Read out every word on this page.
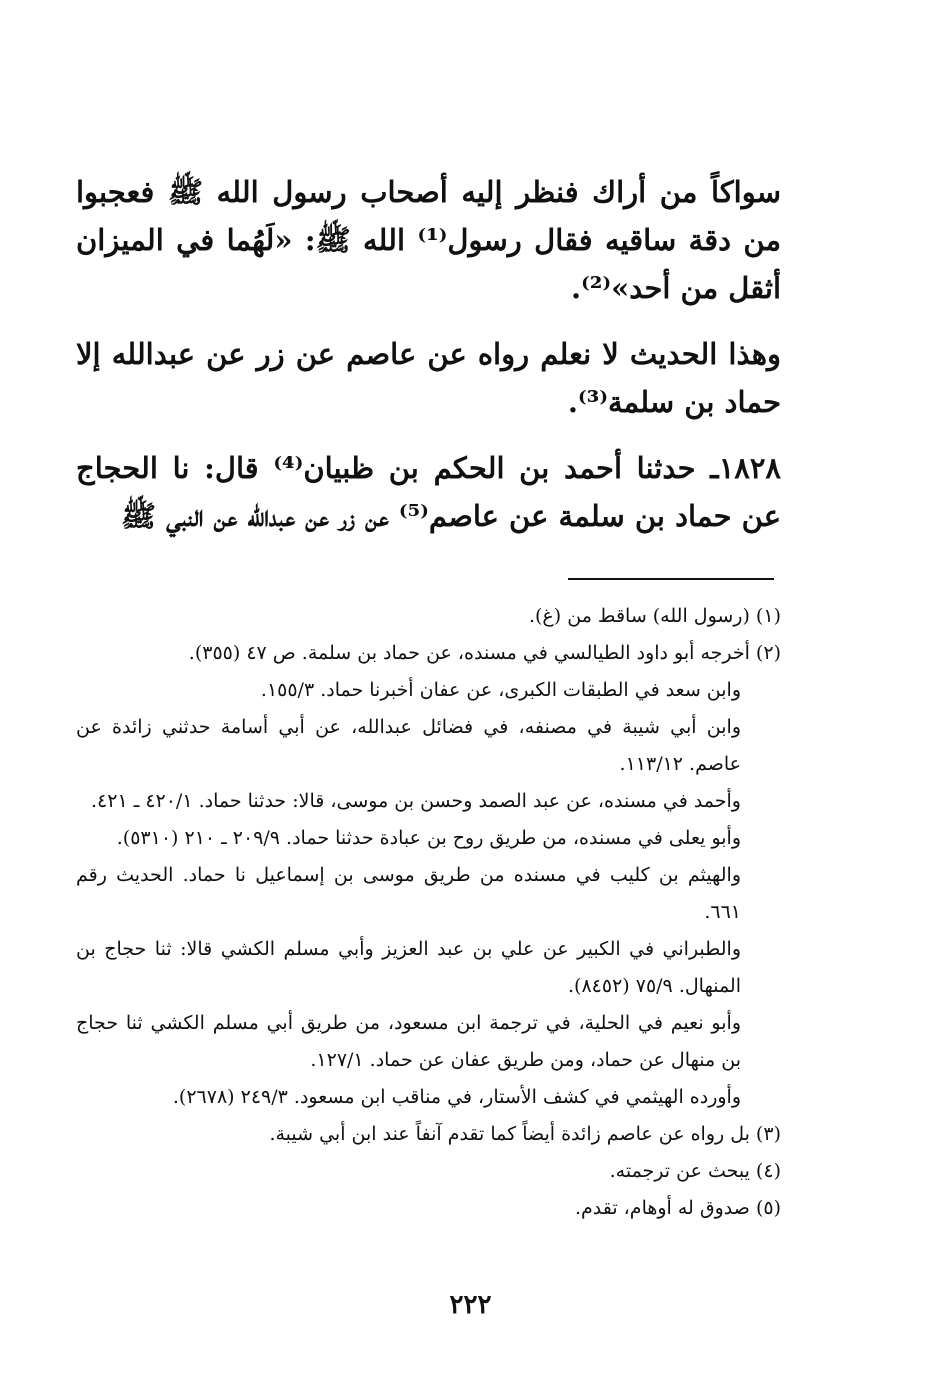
سواكاً من أراك فنظر إليه أصحاب رسول الله ﷺ فعجبوا من دقة ساقيه فقال رسول⁽¹⁾ الله ﷺ: «لَهُما في الميزان أثقل من أحد»⁽²⁾.

وهذا الحديث لا نعلم رواه عن عاصم عن زر عن عبدالله إلا حماد بن سلمة⁽³⁾.

١٨٢٨ـ حدثنا أحمد بن الحكم بن ظبيان⁽⁴⁾ قال: نا الحجاج عن حماد بن سلمة عن عاصم⁽⁵⁾ عن زر عن عبدالله عن النبي ﷺ

(١) (رسول الله) ساقط من (غ).

(٢) أخرجه أبو داود الطيالسي في مسنده، عن حماد بن سلمة. ص ٤٧ (٣٥٥).

وابن سعد في الطبقات الكبرى، عن عفان أخبرنا حماد. ١٥٥/٣.

وابن أبي شيبة في مصنفه، في فضائل عبدالله، عن أبي أسامة حدثني زائدة عن عاصم. ١١٣/١٢.

وأحمد في مسنده، عن عبد الصمد وحسن بن موسى، قالا: حدثنا حماد. ٤٢٠/١ ـ ٤٢١.

وأبو يعلى في مسنده، من طريق روح بن عبادة حدثنا حماد. ٢٠٩/٩ ـ ٢١٠ (٥٣١٠).

والهيثم بن كليب في مسنده من طريق موسى بن إسماعيل نا حماد. الحديث رقم ٦٦١.

والطبراني في الكبير عن علي بن عبد العزيز وأبي مسلم الكشي قالا: ثنا حجاج بن المنهال. ٧٥/٩ (٨٤٥٢).

وأبو نعيم في الحلية، في ترجمة ابن مسعود، من طريق أبي مسلم الكشي ثنا حجاج بن منهال عن حماد، ومن طريق عفان عن حماد. ١٢٧/١.

وأورده الهيثمي في كشف الأستار، في مناقب ابن مسعود. ٢٤٩/٣ (٢٦٧٨).

(٣) بل رواه عن عاصم زائدة أيضاً كما تقدم آنفاً عند ابن أبي شيبة.

(٤) يبحث عن ترجمته.

(٥) صدوق له أوهام، تقدم.

٢٢٢
